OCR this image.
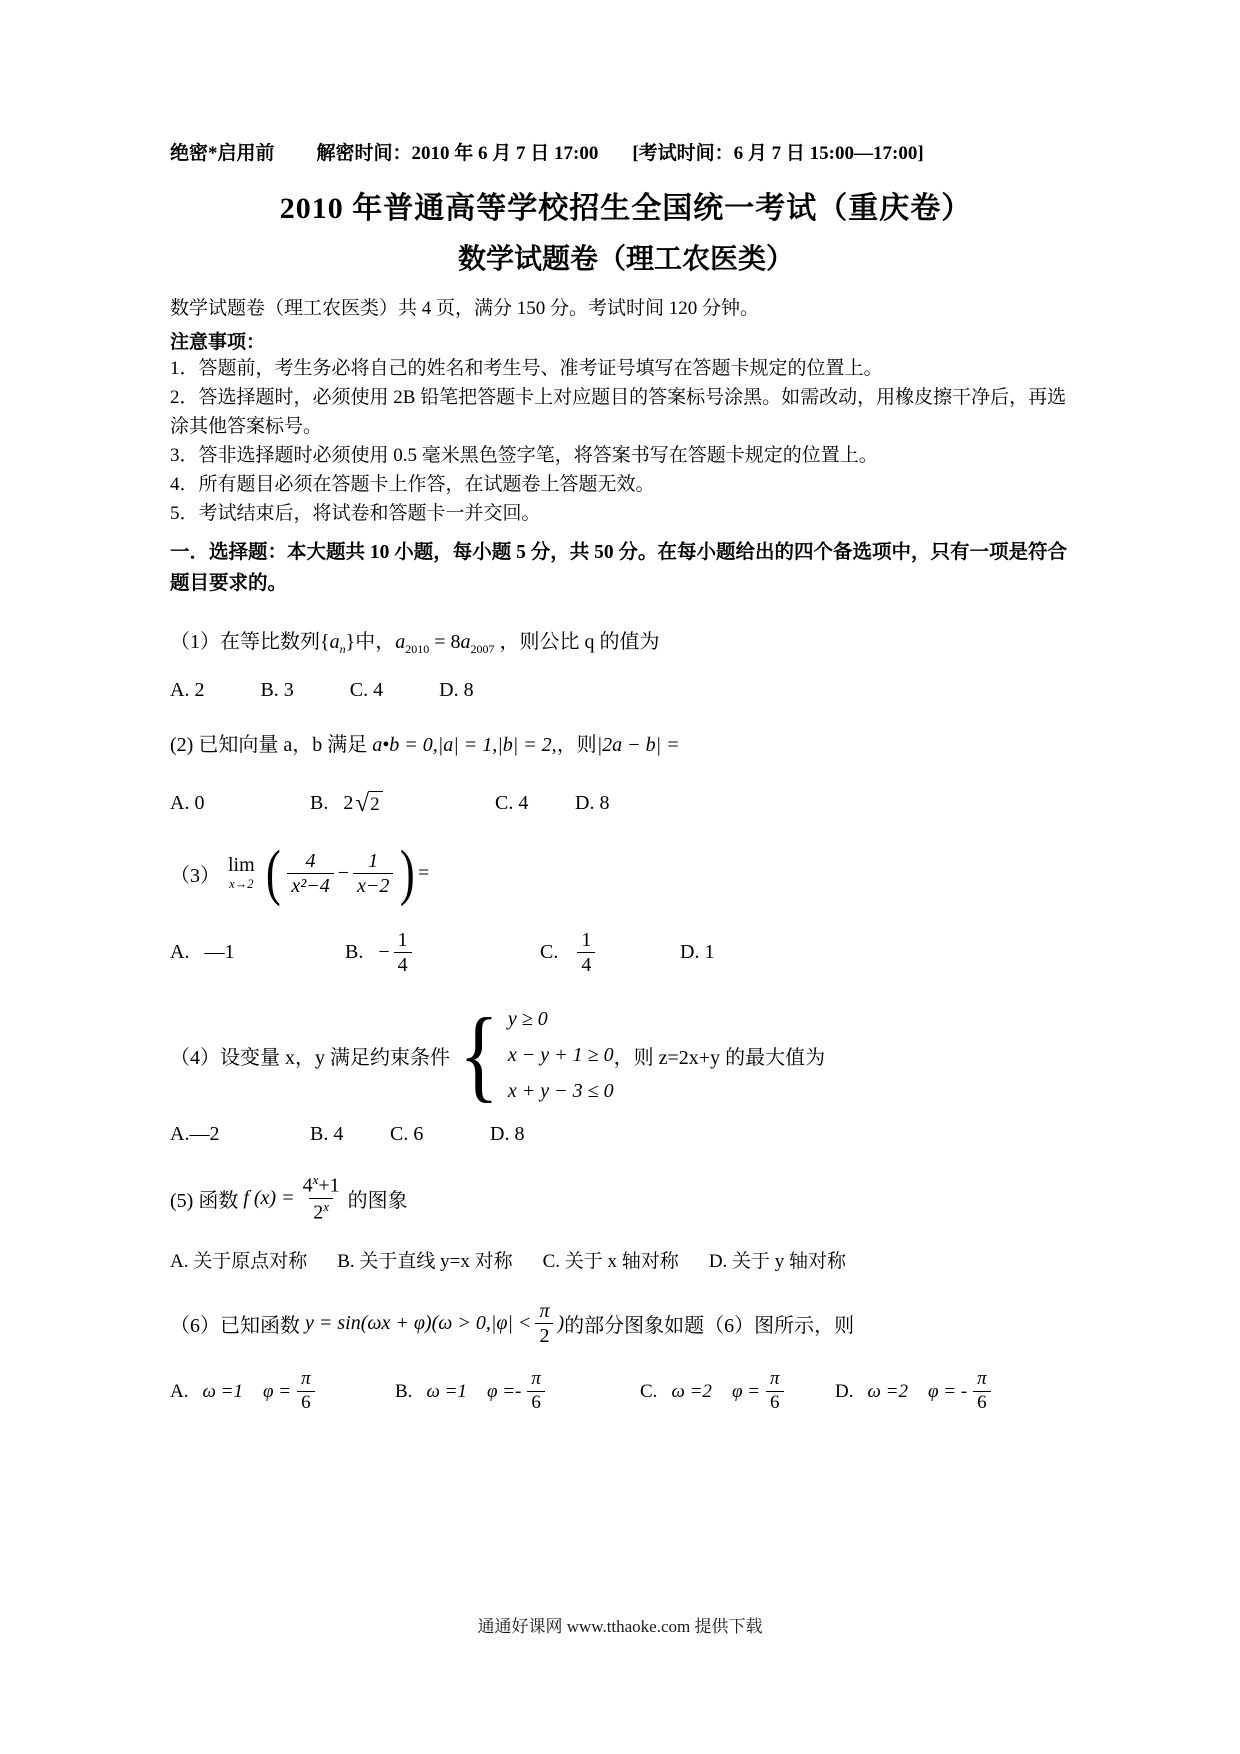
绝密*启用前 解密时间：2010 年 6 月 7 日 17:00 [考试时间：6 月 7 日 15:00—17:00]
2010 年普通高等学校招生全国统一考试（重庆卷）
数学试题卷（理工农医类）

数学试题卷（理工农医类）共 4 页，满分 150 分。考试时间 120 分钟。

注意事项：
1．答题前，考生务必将自己的姓名和考生号、准考证号填写在答题卡规定的位置上。
2．答选择题时，必须使用 2B 铅笔把答题卡上对应题目的答案标号涂黑。如需改动，用橡皮擦干净后，再选涂其他答案标号。
3．答非选择题时必须使用 0.5 毫米黑色签字笔，将答案书写在答题卡规定的位置上。
4．所有题目必须在答题卡上作答，在试题卷上答题无效。
5．考试结束后，将试卷和答题卡一并交回。
一．选择题：本大题共 10 小题，每小题 5 分，共 50 分。在每小题给出的四个备选项中，只有一项是符合题目要求的。
（1）在等比数列$\{a_n\}$中，$a_{2010} = 8a_{2007}$ ，则公比 q 的值为
A. 2	B. 3	C. 4	D. 8
(2) 已知向量 a，b 满足 a•b = 0,|a| = 1,|b| = 2,，则|2a − b| =
A. 0	B.
2 √ 2	C. 4	D. 8
（3） lim
x→2 ( $\frac{4}{\text{x²−4}} - \frac{1}{x-2}$ ) =
A.
—1	B.
− $\frac{1}{4}$	C.
$\frac{1}{4}$	D. 1
（4）设变量 x，y 满足约束条件 { y ≥ 0
x − y + 1 ≥ 0
x + y − 3 ≤ 0
，则 z=2x+y 的最大值为
A.—2	B. 4	C. 6	D. 8
(5) 函数
f $(x) = \frac{4^x+1}{2^x}$ 的图象
A. 关于原点对称 B. 关于直线 y=x 对称 C. 关于 x 轴对称 D. 关于 y 轴对称
（6）已知函数
y = sin(ωx + φ)(ω > 0, $|\varphi| < \frac{\pi}{2}$ ) 的部分图象如题（6）图所示，则
A. ω =1 $\varphi = \frac{\pi}{6}$	B. ω =1 $\varphi =- \frac{\pi}{6}$	C. ω =2 $\varphi = \frac{\pi}{6}$	D. ω =2 φ = - $\frac{\pi}{6}$
通通好课网 www.tthaoke.com 提供下载
